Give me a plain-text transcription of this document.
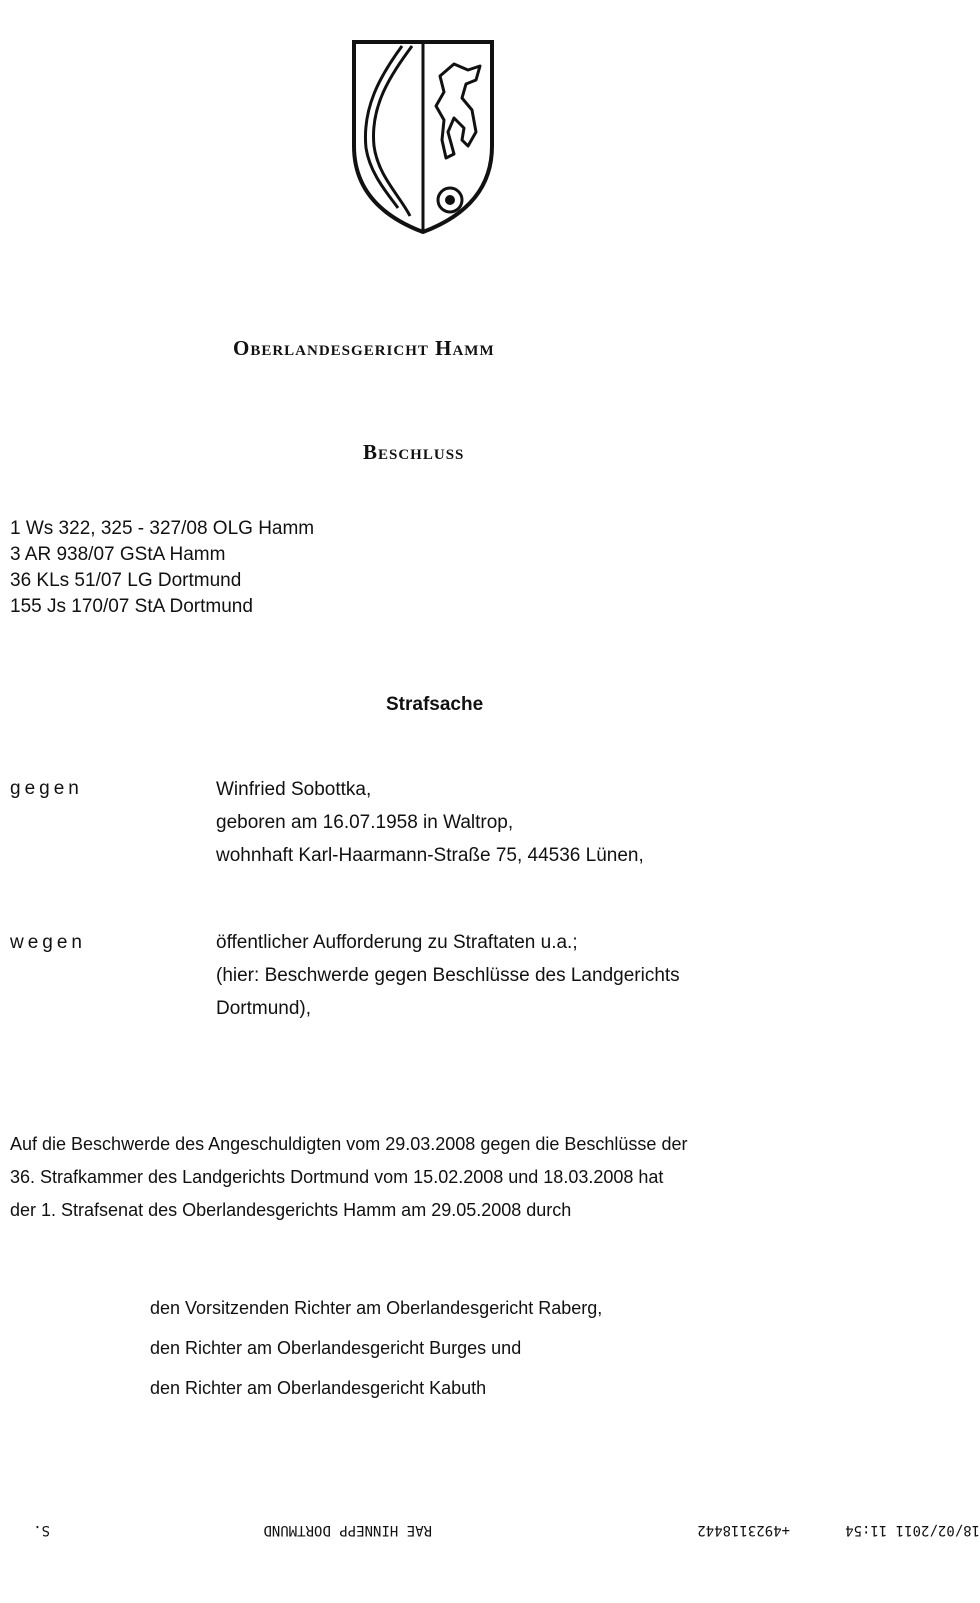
Oberlandesgericht Hamm
Beschluss
1 Ws 322, 325 - 327/08 OLG Hamm
3 AR 938/07 GStA Hamm
36 KLs 51/07 LG Dortmund
155 Js 170/07 StA Dortmund
Strafsache
gegen	Winfried Sobottka,
geboren am 16.07.1958 in Waltrop,
wohnhaft Karl-Haarmann-Straße 75, 44536 Lünen,
wegen	öffentlicher Aufforderung zu Straftaten u.a.;
(hier: Beschwerde gegen Beschlüsse des Landgerichts
Dortmund),
Auf die Beschwerde des Angeschuldigten vom 29.03.2008 gegen die Beschlüsse der
36. Strafkammer des Landgerichts Dortmund vom 15.02.2008 und 18.03.2008 hat
der 1. Strafsenat des Oberlandesgerichts Hamm am 29.05.2008 durch
den Vorsitzenden Richter am Oberlandesgericht Raberg,
den Richter am Oberlandesgericht Burges und
den Richter am Oberlandesgericht Kabuth
18/02/2011 11:54
+4923118442
RAE HINNEPP DORTMUND
S.
